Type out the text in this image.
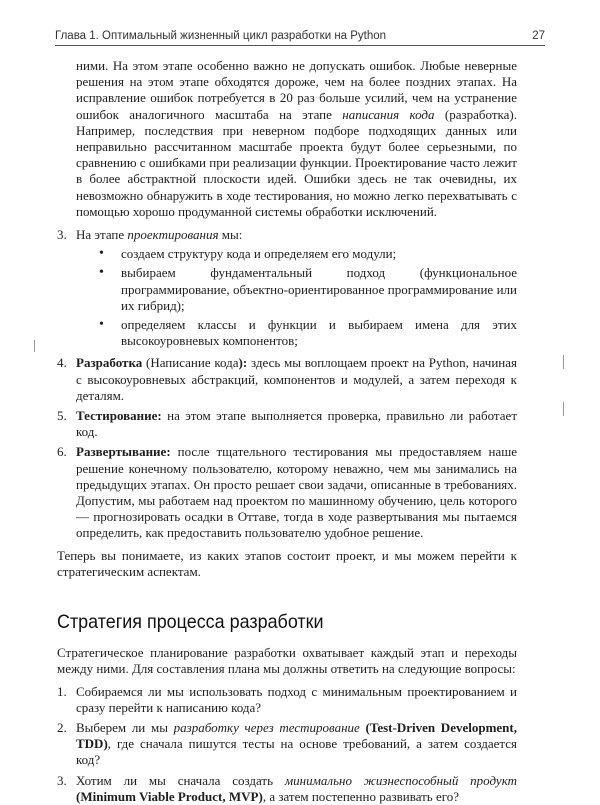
Глава 1. Оптимальный жизненный цикл разработки на Python	27

ними. На этом этапе особенно важно не допускать ошибок. Любые неверные решения на этом этапе обходятся дороже, чем на более поздних этапах. На исправление ошибок потребуется в 20 раз больше усилий, чем на устранение ошибок аналогичного масштаба на этапе написания кода (разработка). Например, последствия при неверном подборе подходящих данных или неправильно рассчитанном масштабе проекта будут более серьезными, по сравнению с ошибками при реализации функции. Проектирование часто лежит в более абстрактной плоскости идей. Ошибки здесь не так очевидны, их невозможно обнаружить в ходе тестирования, но можно легко перехватывать с помощью хорошо продуманной системы обработки исключений.

3. На этапе проектирования мы:

•	создаем структуру кода и определяем его модули;
•	выбираем фундаментальный подход (функциональное программирование, объектно-ориентированное программирование или их гибрид);
•	определяем классы и функции и выбираем имена для этих высокоуровневых компонентов;
4. Разработка (Написание кода): здесь мы воплощаем проект на Python, начиная с высокоуровневых абстракций, компонентов и модулей, а затем переходя к деталям.

5. Тестирование: на этом этапе выполняется проверка, правильно ли работает код.

6. Развертывание: после тщательного тестирования мы предоставляем наше решение конечному пользователю, которому неважно, чем мы занимались на предыдущих этапах. Он просто решает свои задачи, описанные в требованиях. Допустим, мы работаем над проектом по машинному обучению, цель которого — прогнозировать осадки в Оттаве, тогда в ходе развертывания мы пытаемся определить, как предоставить пользователю удобное решение.

Теперь вы понимаете, из каких этапов состоит проект, и мы можем перейти к стратегическим аспектам.

Стратегия процесса разработки

Стратегическое планирование разработки охватывает каждый этап и переходы между ними. Для составления плана мы должны ответить на следующие вопросы:

1. Собираемся ли мы использовать подход с минимальным проектированием и сразу перейти к написанию кода?

2. Выберем ли мы разработку через тестирование (Test-Driven Development, TDD), где сначала пишутся тесты на основе требований, а затем создается код?

3. Хотим ли мы сначала создать минимально жизнеспособный продукт (Minimum Viable Product, MVP), а затем постепенно развивать его?
